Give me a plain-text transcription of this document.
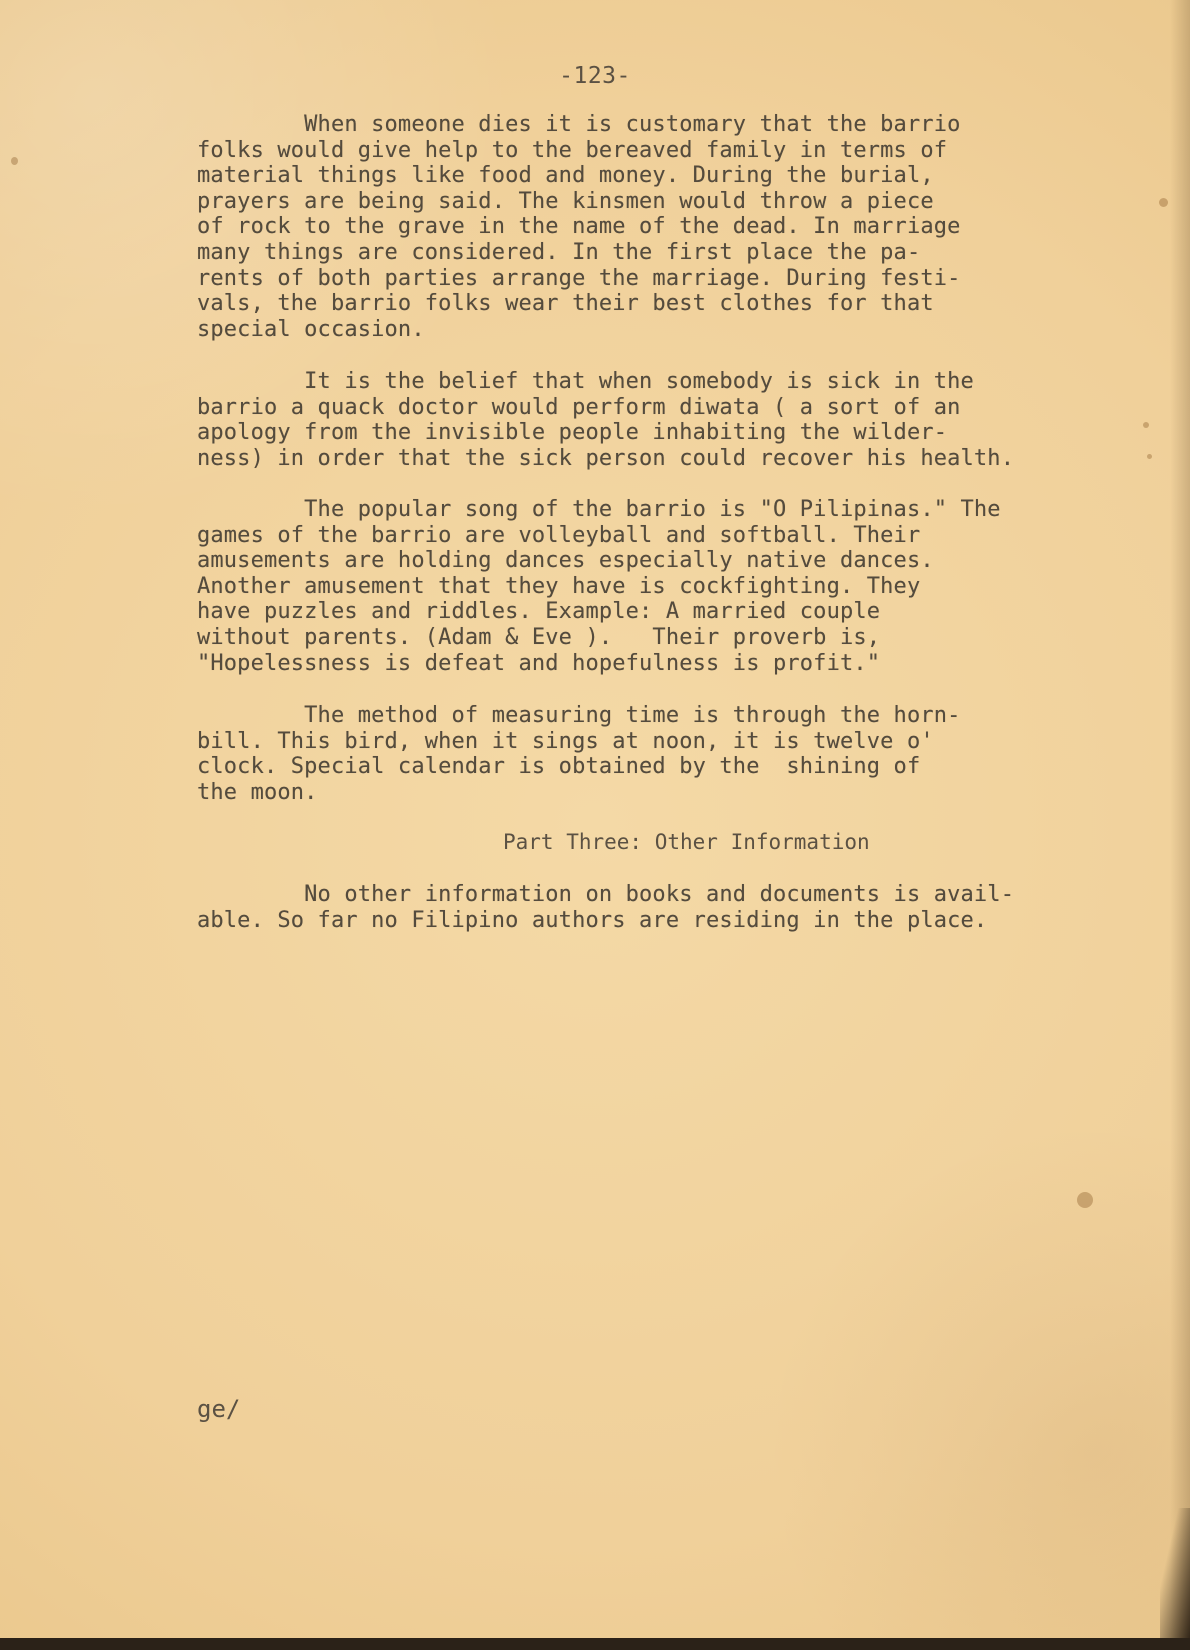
-123-
When someone dies it is customary that the barrio
folks would give help to the bereaved family in terms of
material things like food and money. During the burial,
prayers are being said. The kinsmen would throw a piece
of rock to the grave in the name of the dead. In marriage
many things are considered. In the first place the pa-
rents of both parties arrange the marriage. During festi-
vals, the barrio folks wear their best clothes for that
special occasion.
It is the belief that when somebody is sick in the
barrio a quack doctor would perform diwata ( a sort of an
apology from the invisible people inhabiting the wilder-
ness) in order that the sick person could recover his health.
The popular song of the barrio is "O Pilipinas." The
games of the barrio are volleyball and softball. Their
amusements are holding dances especially native dances.
Another amusement that they have is cockfighting. They
have puzzles and riddles. Example: A married couple
without parents. (Adam & Eve ).   Their proverb is,
"Hopelessness is defeat and hopefulness is profit."
The method of measuring time is through the horn-
bill. This bird, when it sings at noon, it is twelve o'
clock. Special calendar is obtained by the  shining of
the moon.
Part Three: Other Information
No other information on books and documents is avail-
able. So far no Filipino authors are residing in the place.
ge/
